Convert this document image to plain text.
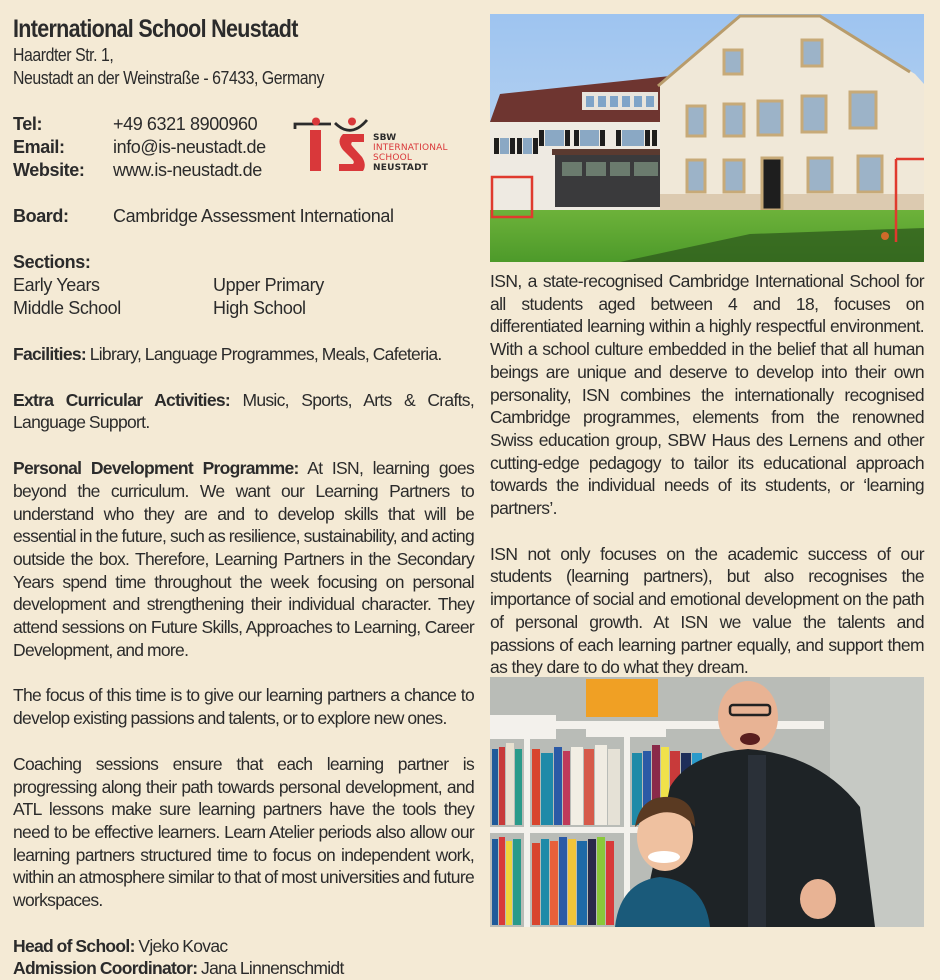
International School Neustadt
Haardter Str. 1,
Neustadt an der Weinstraße - 67433, Germany
Tel:	+49 6321 8900960
Email:	info@is-neustadt.de
Website:	www.is-neustadt.de
SBW
INTERNATIONAL
SCHOOL
NEUSTADT
Board:	Cambridge Assessment International
Sections:
Early Years	Upper Primary
Middle School	High School
Facilities: Library, Language Programmes, Meals, Cafeteria.
Extra Curricular Activities: Music, Sports, Arts & Crafts, Language Support.
Personal Development Programme: At ISN, learning goes beyond the curriculum. We want our Learning Partners to understand who they are and to develop skills that will be essential in the future, such as resilience, sustainability, and acting outside the box. Therefore, Learning Partners in the Secondary Years spend time throughout the week focusing on personal development and strengthening their individual character. They attend sessions on Future Skills, Approaches to Learning, Career Development, and more.
The focus of this time is to give our learning partners a chance to develop existing passions and talents, or to explore new ones.
Coaching sessions ensure that each learning partner is progressing along their path towards personal development, and ATL lessons make sure learning partners have the tools they need to be effective learners. Learn Atelier periods also allow our learning partners structured time to focus on independent work, within an atmosphere similar to that of most universities and future workspaces.
Head of School: Vjeko Kovac
Admission Coordinator: Jana Linnenschmidt
ISN, a state-recognised Cambridge International School for all students aged between 4 and 18, focuses on differentiated learning within a highly respectful environment. With a school culture embedded in the belief that all human beings are unique and deserve to develop into their own personality, ISN combines the internationally recognised Cambridge programmes, elements from the renowned Swiss education group, SBW Haus des Lernens and other cutting-edge pedagogy to tailor its educational approach towards the individual needs of its students, or ‘learning partners’.
ISN not only focuses on the academic success of our students (learning partners), but also recognises the importance of social and emotional development on the path of personal growth. At ISN we value the talents and passions of each learning partner equally, and support them as they dare to do what they dream.
